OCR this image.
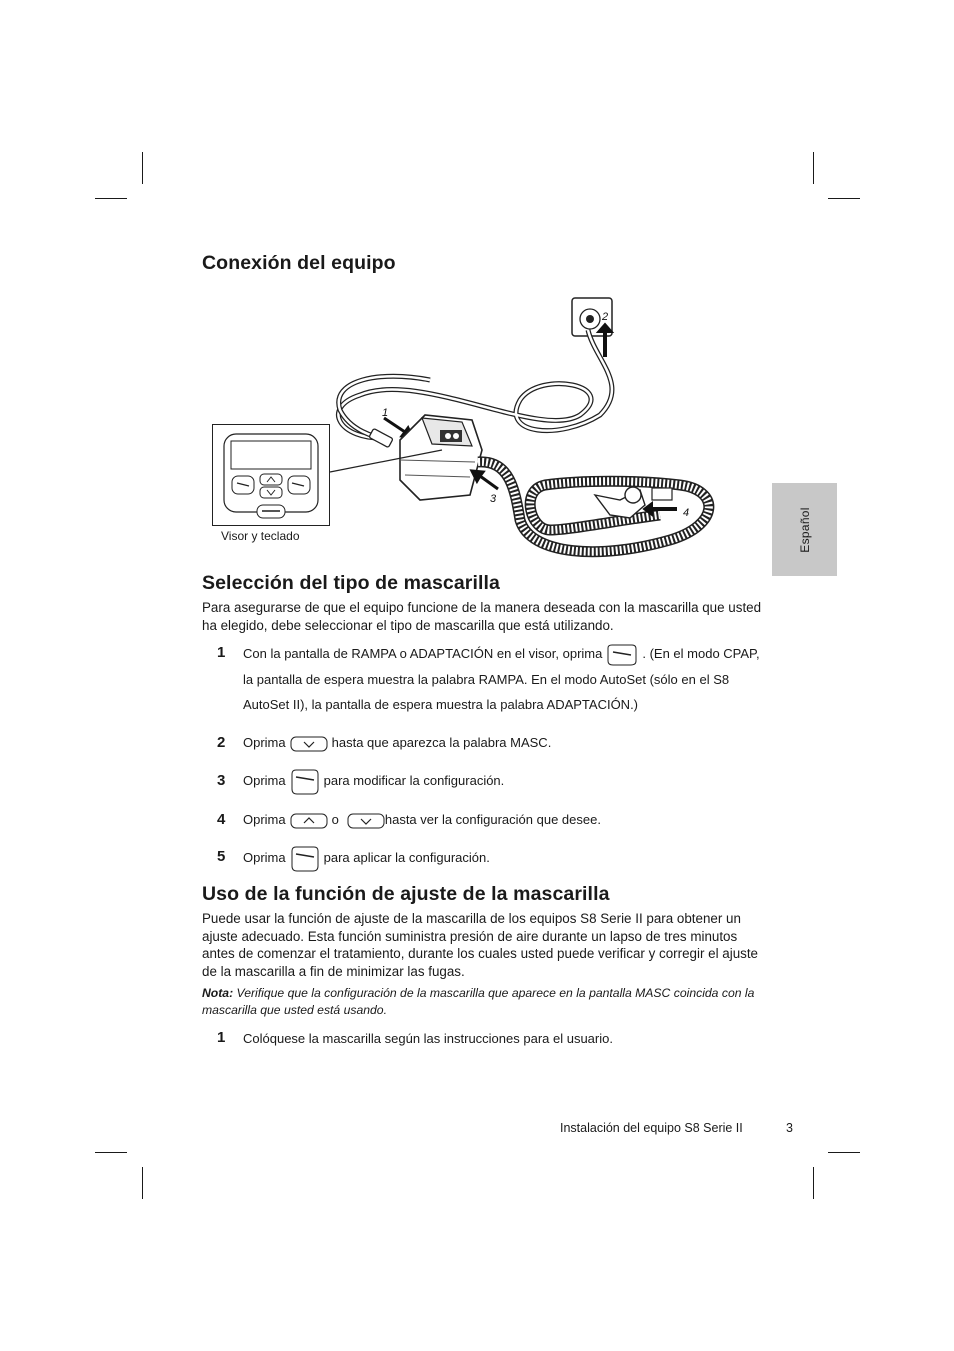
Español
Conexión del equipo
2
1
3
4
Visor y teclado
Selección del tipo de mascarilla
Para asegurarse de que el equipo funcione de la manera deseada con la mascarilla que usted ha elegido, debe seleccionar el tipo de mascarilla que está utilizando.
1 Con la pantalla de RAMPA o ADAPTACIÓN en el visor, oprima	. (En el modo CPAP, la pantalla de espera muestra la palabra RAMPA. En el modo AutoSet (sólo en el S8 AutoSet II), la pantalla de espera muestra la palabra ADAPTACIÓN.)
2 Oprima	hasta que aparezca la palabra MASC.
3 Oprima	para modificar la configuración.
4 Oprima	o	hasta ver la configuración que desee.
5 Oprima	para aplicar la configuración.
Uso de la función de ajuste de la mascarilla
Puede usar la función de ajuste de la mascarilla de los equipos S8 Serie II para obtener un ajuste adecuado. Esta función suministra presión de aire durante un lapso de tres minutos antes de comenzar el tratamiento, durante los cuales usted puede verificar y corregir el ajuste de la mascarilla a fin de minimizar las fugas.
Nota: Verifique que la configuración de la mascarilla que aparece en la pantalla MASC coincida con la mascarilla que usted está usando.
1 Colóquese la mascarilla según las instrucciones para el usuario.
Instalación del equipo S8 Serie II	3
